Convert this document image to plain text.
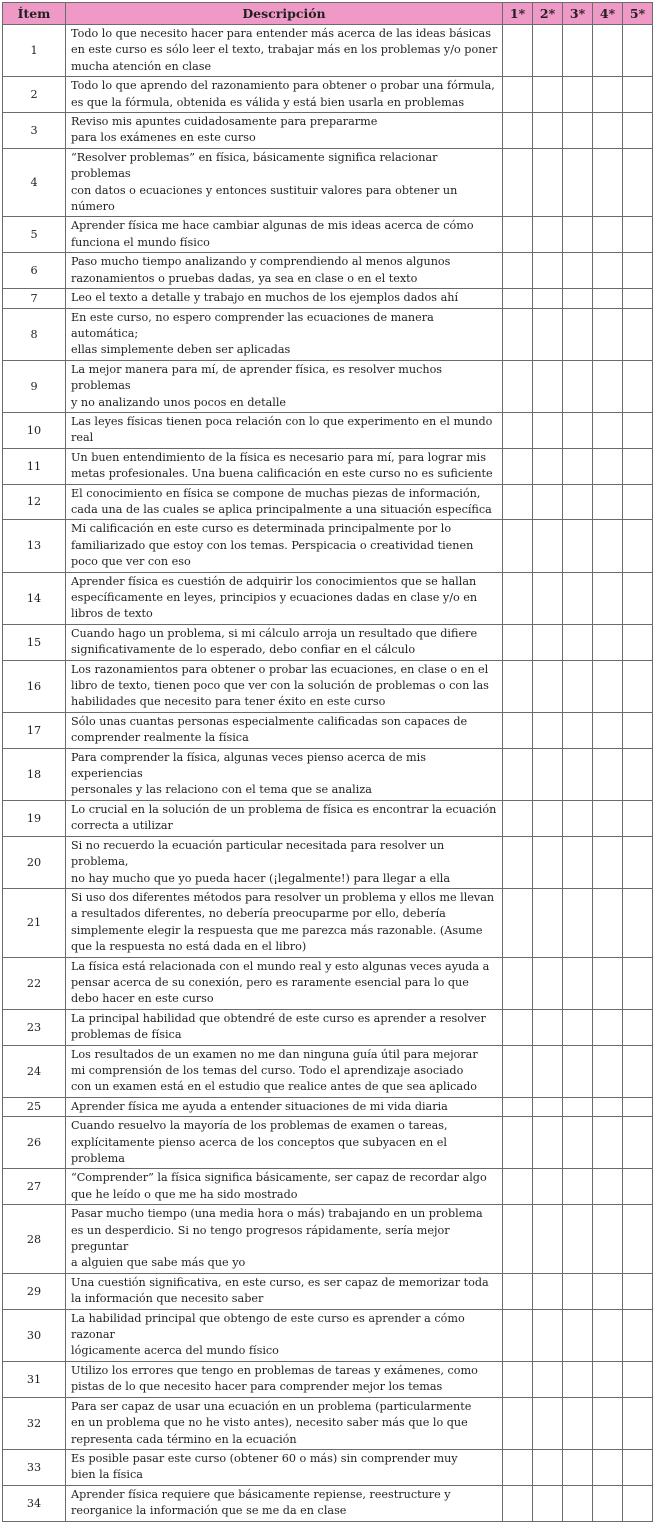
Ítem	Descripción	1*	2*	3*	4*	5*
1	Todo lo que necesito hacer para entender más acerca de las ideas básicas
en este curso es sólo leer el texto, trabajar más en los problemas y/o poner
mucha atención en clase					

2	Todo lo que aprendo del razonamiento para obtener o probar una fórmula,
es que la fórmula, obtenida es válida y está bien usarla en problemas					

3	Reviso mis apuntes cuidadosamente para prepararme
para los exámenes en este curso					

4	“Resolver problemas” en física, básicamente significa relacionar problemas
con datos o ecuaciones y entonces sustituir valores para obtener un número					

5	Aprender física me hace cambiar algunas de mis ideas acerca de cómo
funciona el mundo físico					

6	Paso mucho tiempo analizando y comprendiendo al menos algunos
razonamientos o pruebas dadas, ya sea en clase o en el texto					

7	Leo el texto a detalle y trabajo en muchos de los ejemplos dados ahí					

8	En este curso, no espero comprender las ecuaciones de manera automática;
ellas simplemente deben ser aplicadas					

9	La mejor manera para mí, de aprender física, es resolver muchos problemas
y no analizando unos pocos en detalle					

10	Las leyes físicas tienen poca relación con lo que experimento en el mundo
real					

11	Un buen entendimiento de la física es necesario para mí, para lograr mis
metas profesionales. Una buena calificación en este curso no es suficiente					

12	El conocimiento en física se compone de muchas piezas de información,
cada una de las cuales se aplica principalmente a una situación específica					

13	Mi calificación en este curso es determinada principalmente por lo
familiarizado que estoy con los temas. Perspicacia o creatividad tienen
poco que ver con eso					

14	Aprender física es cuestión de adquirir los conocimientos que se hallan
específicamente en leyes, principios y ecuaciones dadas en clase y/o en
libros de texto					

15	Cuando hago un problema, si mi cálculo arroja un resultado que difiere
significativamente de lo esperado, debo confiar en el cálculo					

16	Los razonamientos para obtener o probar las ecuaciones, en clase o en el
libro de texto, tienen poco que ver con la solución de problemas o con las
habilidades que necesito para tener éxito en este curso					

17	Sólo unas cuantas personas especialmente calificadas son capaces de
comprender realmente la física					

18	Para comprender la física, algunas veces pienso acerca de mis experiencias
personales y las relaciono con el tema que se analiza					

19	Lo crucial en la solución de un problema de física es encontrar la ecuación
correcta a utilizar					

20	Si no recuerdo la ecuación particular necesitada para resolver un problema,
no hay mucho que yo pueda hacer (¡legalmente!) para llegar a ella					

21	Si uso dos diferentes métodos para resolver un problema y ellos me llevan
a resultados diferentes, no debería preocuparme por ello, debería
simplemente elegir la respuesta que me parezca más razonable. (Asume
que la respuesta no está dada en el libro)					

22	La física está relacionada con el mundo real y esto algunas veces ayuda a
pensar acerca de su conexión, pero es raramente esencial para lo que
debo hacer en este curso					

23	La principal habilidad que obtendré de este curso es aprender a resolver
problemas de física					

24	Los resultados de un examen no me dan ninguna guía útil para mejorar
mi comprensión de los temas del curso. Todo el aprendizaje asociado
con un examen está en el estudio que realice antes de que sea aplicado					

25	Aprender física me ayuda a entender situaciones de mi vida diaria					

26	Cuando resuelvo la mayoría de los problemas de examen o tareas,
explícitamente pienso acerca de los conceptos que subyacen en el problema					

27	“Comprender” la física significa básicamente, ser capaz de recordar algo
que he leído o que me ha sido mostrado					

28	Pasar mucho tiempo (una media hora o más) trabajando en un problema
es un desperdicio. Si no tengo progresos rápidamente, sería mejor preguntar
a alguien que sabe más que yo					

29	Una cuestión significativa, en este curso, es ser capaz de memorizar toda
la información que necesito saber					

30	La habilidad principal que obtengo de este curso es aprender a cómo razonar
lógicamente acerca del mundo físico					

31	Utilizo los errores que tengo en problemas de tareas y exámenes, como
pistas de lo que necesito hacer para comprender mejor los temas					

32	Para ser capaz de usar una ecuación en un problema (particularmente
en un problema que no he visto antes), necesito saber más que lo que
representa cada término en la ecuación					

33	Es posible pasar este curso (obtener 60 o más) sin comprender muy
bien la física					

34	Aprender física requiere que básicamente repiense, reestructure y
reorganice la información que se me da en clase					
